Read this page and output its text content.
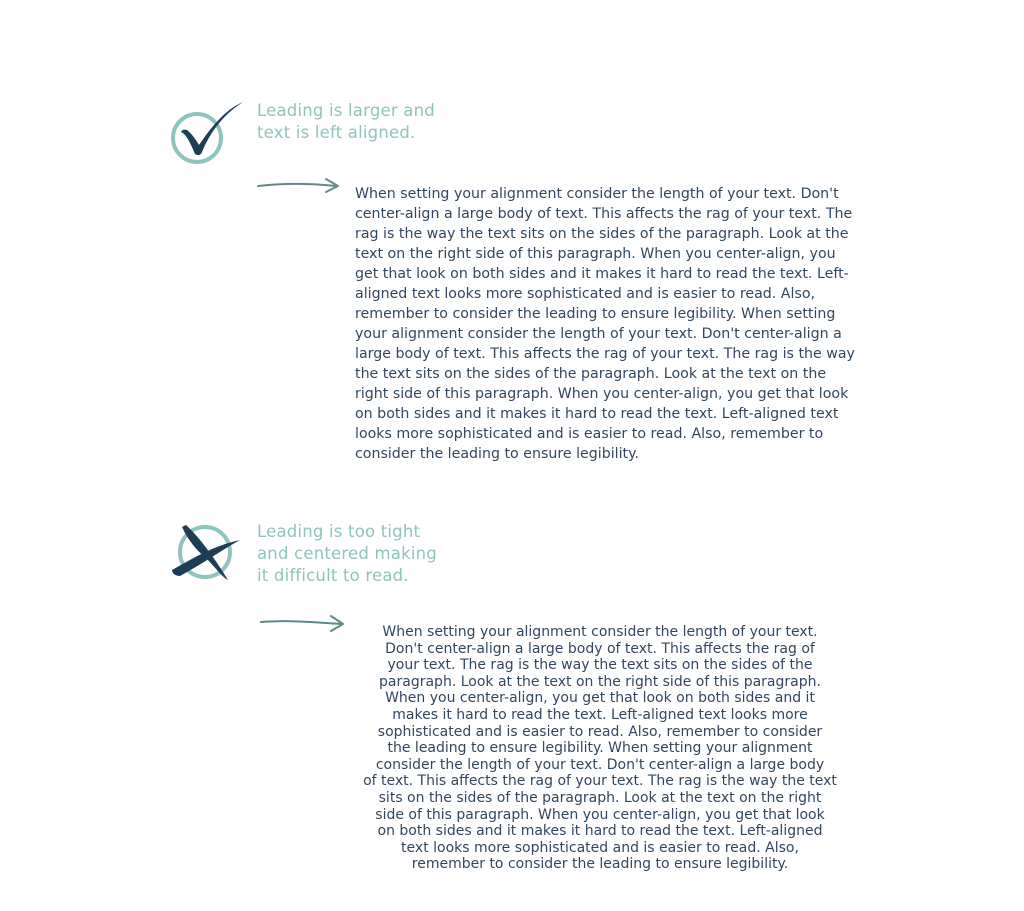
Leading is larger and
text is left aligned.
When setting your alignment consider the length of your text. Don't
center-align a large body of text. This affects the rag of your text. The
rag is the way the text sits on the sides of the paragraph. Look at the
text on the right side of this paragraph. When you center-align, you
get that look on both sides and it makes it hard to read the text. Left-
aligned text looks more sophisticated and is easier to read. Also,
remember to consider the leading to ensure legibility. When setting
your alignment consider the length of your text. Don't center-align a
large body of text. This affects the rag of your text. The rag is the way
the text sits on the sides of the paragraph. Look at the text on the
right side of this paragraph. When you center-align, you get that look
on both sides and it makes it hard to read the text. Left-aligned text
looks more sophisticated and is easier to read. Also, remember to
consider the leading to ensure legibility.
Leading is too tight
and centered making
it difficult to read.
When setting your alignment consider the length of your text.
Don't center-align a large body of text. This affects the rag of
your text. The rag is the way the text sits on the sides of the
paragraph. Look at the text on the right side of this paragraph.
When you center-align, you get that look on both sides and it
makes it hard to read the text. Left-aligned text looks more
sophisticated and is easier to read. Also, remember to consider
the leading to ensure legibility. When setting your alignment
consider the length of your text. Don't center-align a large body
of text. This affects the rag of your text. The rag is the way the text
sits on the sides of the paragraph. Look at the text on the right
side of this paragraph. When you center-align, you get that look
on both sides and it makes it hard to read the text. Left-aligned
text looks more sophisticated and is easier to read. Also,
remember to consider the leading to ensure legibility.
